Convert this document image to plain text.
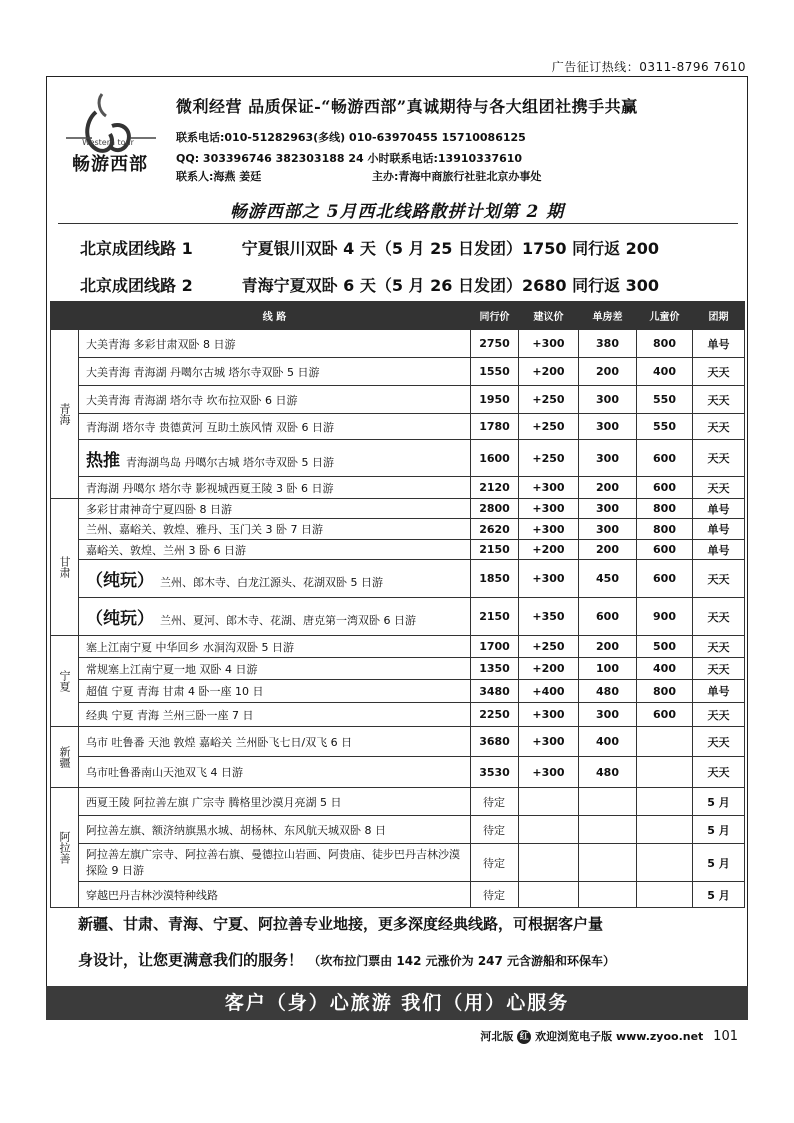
广告征订热线：0311-8796 7610
Western tour
畅游西部
微利经营 品质保证-“畅游西部”真诚期待与各大组团社携手共赢
联系电话:010-51282963(多线) 010-63970455 15710086125
QQ: 303396746 382303188 24 小时联系电话:13910337610
联系人:海燕 姜廷	主办:青海中商旅行社驻北京办事处
畅游西部之 5月西北线路散拼计划第 2 期
北京成团线路 1	宁夏银川双卧 4 天（5 月 25 日发团）1750 同行返 200
北京成团线路 2	青海宁夏双卧 6 天（5 月 26 日发团）2680 同行返 300
	线 路	同行价	建议价	单房差	儿童价	团期
青海	大美青海 多彩甘肃双卧 8 日游	2750	+300	380	800	单号
	大美青海 青海湖 丹噶尔古城 塔尔寺双卧 5 日游	1550	+200	200	400	天天
	大美青海 青海湖 塔尔寺 坎布拉双卧 6 日游	1950	+250	300	550	天天
	青海湖 塔尔寺 贵德黄河 互助土族风情 双卧 6 日游	1780	+250	300	550	天天
	热推 青海湖鸟岛 丹噶尔古城 塔尔寺双卧 5 日游	1600	+250	300	600	天天
	青海湖 丹噶尔 塔尔寺 影视城西夏王陵 3 卧 6 日游	2120	+300	200	600	天天
甘肃	多彩甘肃神奇宁夏四卧 8 日游	2800	+300	300	800	单号
	兰州、嘉峪关、敦煌、雅丹、玉门关 3 卧 7 日游	2620	+300	300	800	单号
	嘉峪关、敦煌、兰州 3 卧 6 日游	2150	+200	200	600	单号
	（纯玩） 兰州、郎木寺、白龙江源头、花湖双卧 5 日游	1850	+300	450	600	天天
	（纯玩） 兰州、夏河、郎木寺、花湖、唐克第一湾双卧 6 日游	2150	+350	600	900	天天
宁夏	塞上江南宁夏 中华回乡 水洞沟双卧 5 日游	1700	+250	200	500	天天
	常规塞上江南宁夏一地 双卧 4 日游	1350	+200	100	400	天天
	超值 宁夏 青海 甘肃 4 卧一座 10 日	3480	+400	480	800	单号
	经典 宁夏 青海 兰州三卧一座 7 日	2250	+300	300	600	天天
新疆	乌市 吐鲁番 天池 敦煌 嘉峪关 兰州卧飞七日/双飞 6 日	3680	+300	400		天天
	乌市吐鲁番南山天池双飞 4 日游	3530	+300	480		天天
阿拉善	西夏王陵 阿拉善左旗 广宗寺 腾格里沙漠月亮湖 5 日	待定				5 月
	阿拉善左旗、额济纳旗黑水城、胡杨林、东风航天城双卧 8 日	待定				5 月
	阿拉善左旗广宗寺、阿拉善右旗、曼德拉山岩画、阿贵庙、徒步巴丹吉林沙漠探险 9 日游	待定				5 月
	穿越巴丹吉林沙漠特种线路	待定				5 月
新疆、甘肃、青海、宁夏、阿拉善专业地接，更多深度经典线路，可根据客户量
身设计，让您更满意我们的服务！ （坎布拉门票由 142 元涨价为 247 元含游船和环保车）
客户（身）心旅游 我们（用）心服务
河北版 红 欢迎浏览电子版 www.zyoo.net 101
